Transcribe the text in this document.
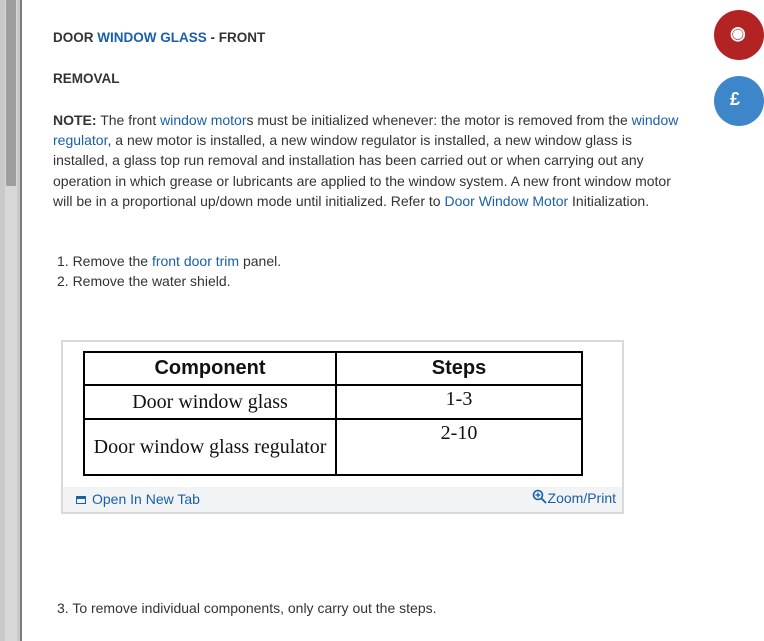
DOOR WINDOW GLASS - FRONT
REMOVAL
NOTE: The front window motors must be initialized whenever: the motor is removed from the window regulator, a new motor is installed, a new window regulator is installed, a new window glass is installed, a glass top run removal and installation has been carried out or when carrying out any operation in which grease or lubricants are applied to the window system. A new front window motor will be in a proportional up/down mode until initialized. Refer to Door Window Motor Initialization.
1. Remove the front door trim panel.
2. Remove the water shield.
3. To remove individual components, only carry out the steps.
Component	Steps
Door window glass	1-3
Door window glass regulator	2-10
Open In New Tab	Zoom/Print
◉
£
